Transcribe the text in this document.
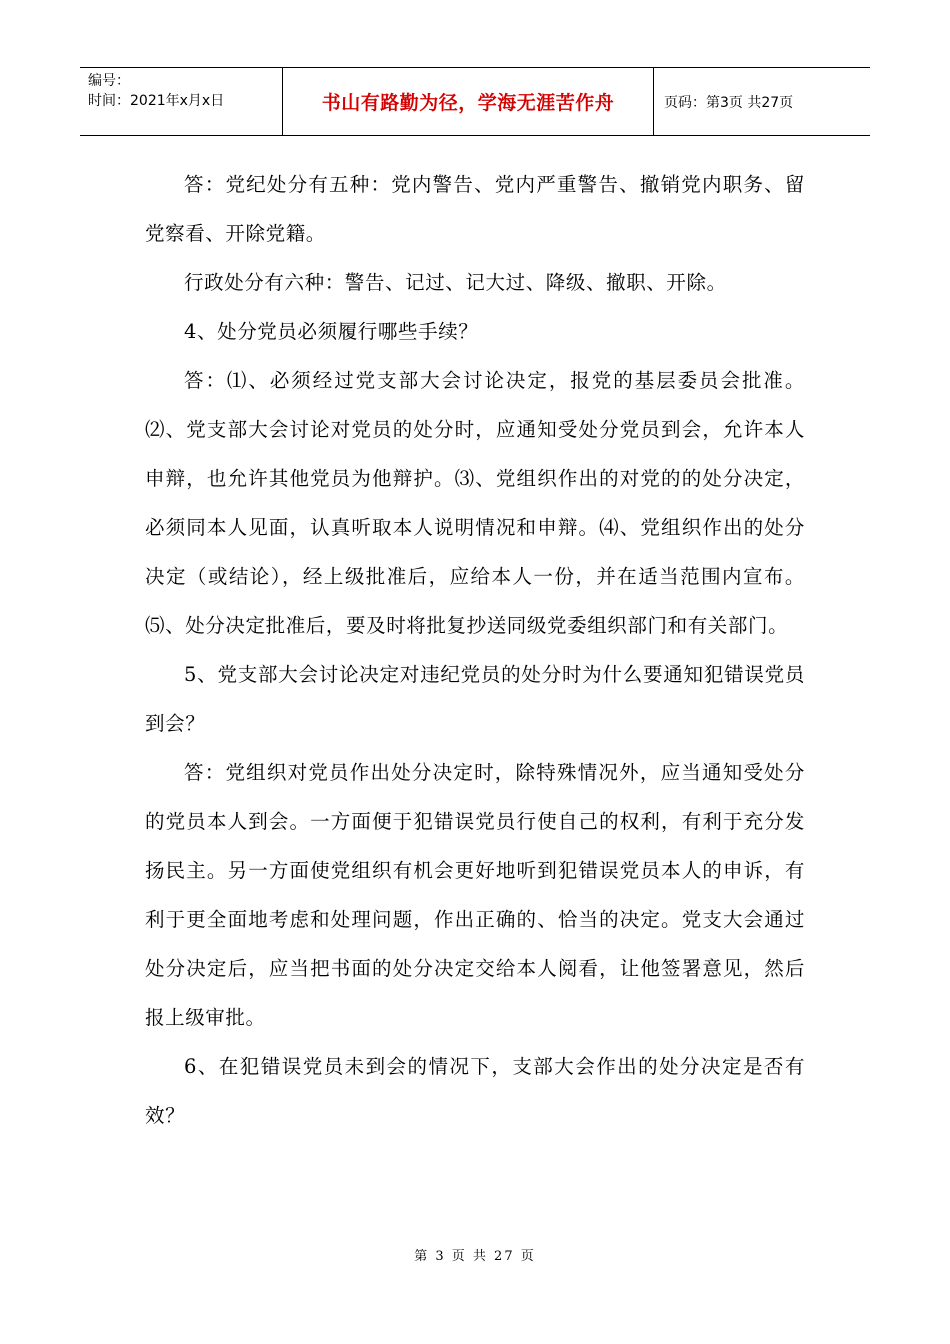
编号：
时间：2021年x月x日	书山有路勤为径，学海无涯苦作舟	页码：第3页 共27页

答：党纪处分有五种：党内警告、党内严重警告、撤销党内职务、留党察看、开除党籍。

行政处分有六种：警告、记过、记大过、降级、撤职、开除。

4、处分党员必须履行哪些手续？

答：⑴、必须经过党支部大会讨论决定，报党的基层委员会批准。⑵、党支部大会讨论对党员的处分时，应通知受处分党员到会，允许本人申辩，也允许其他党员为他辩护。⑶、党组织作出的对党的的处分决定，必须同本人见面，认真听取本人说明情况和申辩。⑷、党组织作出的处分决定（或结论），经上级批准后，应给本人一份，并在适当范围内宣布。⑸、处分决定批准后，要及时将批复抄送同级党委组织部门和有关部门。

5、党支部大会讨论决定对违纪党员的处分时为什么要通知犯错误党员到会？

答：党组织对党员作出处分决定时，除特殊情况外，应当通知受处分的党员本人到会。一方面便于犯错误党员行使自己的权利，有利于充分发扬民主。另一方面使党组织有机会更好地听到犯错误党员本人的申诉，有利于更全面地考虑和处理问题，作出正确的、恰当的决定。党支大会通过处分决定后，应当把书面的处分决定交给本人阅看，让他签署意见，然后报上级审批。

6、在犯错误党员未到会的情况下，支部大会作出的处分决定是否有效？

第 3 页 共 27 页
